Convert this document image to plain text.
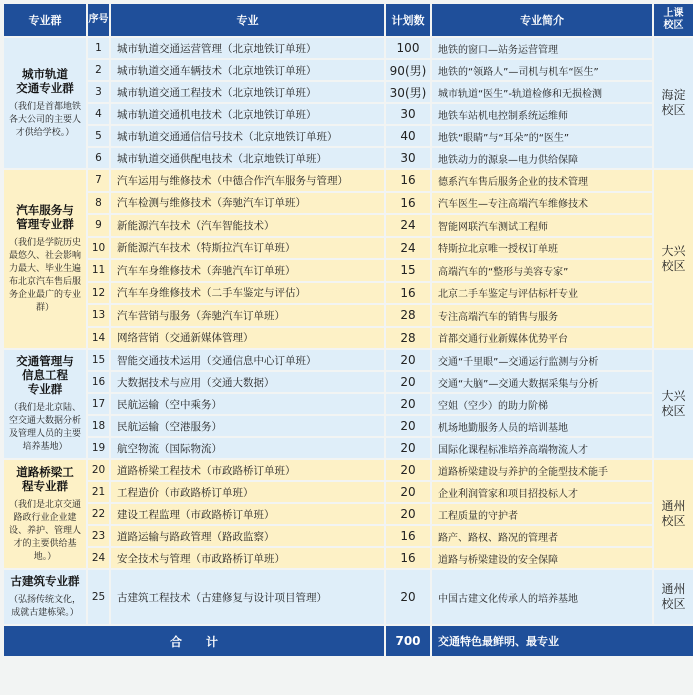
专业群	序号	专业	计划数	专业简介	上课
校区

城市轨道
交通专业群
（我们是首都地铁各大公司的主要人才供给学校。）	1	城市轨道交通运营管理（北京地铁订单班）	100	地铁的窗口—站务运营管理	海淀
校区
	2	城市轨道交通车辆技术（北京地铁订单班）	90(男)	地铁的“领路人”—司机与机车“医生”	
	3	城市轨道交通工程技术（北京地铁订单班）	30(男)	城市轨道“医生”-轨道检修和无损检测	
	4	城市轨道交通机电技术（北京地铁订单班）	30	地铁车站机电控制系统运维师	
	5	城市轨道交通通信信号技术（北京地铁订单班）	40	地铁“眼睛”与“耳朵”的“医生”	
	6	城市轨道交通供配电技术（北京地铁订单班）	30	地铁动力的源泉—电力供给保障	

汽车服务与
管理专业群
（我们是学院历史最悠久、社会影响力最大、毕业生遍布北京汽车售后服务企业最广的专业群）	7	汽车运用与维修技术（中德合作汽车服务与管理）	16	德系汽车售后服务企业的技术管理	大兴
校区
	8	汽车检测与维修技术（奔驰汽车订单班）	16	汽车医生—专注高端汽车维修技术	
	9	新能源汽车技术（汽车智能技术）	24	智能网联汽车测试工程师	
	10	新能源汽车技术（特斯拉汽车订单班）	24	特斯拉北京唯一授权订单班	
	11	汽车车身维修技术（奔驰汽车订单班）	15	高端汽车的“整形与美容专家”	
	12	汽车车身维修技术（二手车鉴定与评估）	16	北京二手车鉴定与评估标杆专业	
	13	汽车营销与服务（奔驰汽车订单班）	28	专注高端汽车的销售与服务	
	14	网络营销（交通新媒体管理）	28	首都交通行业新媒体优势平台	

交通管理与
信息工程
专业群
（我们是北京陆、空交通大数据分析及管理人员的主要培养基地）	15	智能交通技术运用（交通信息中心订单班）	20	交通“千里眼”—交通运行监测与分析	大兴
校区
	16	大数据技术与应用（交通大数据）	20	交通“大脑”—交通大数据采集与分析	
	17	民航运输（空中乘务）	20	空姐（空少）的助力阶梯	
	18	民航运输（空港服务）	20	机场地勤服务人员的培训基地	
	19	航空物流（国际物流）	20	国际化课程标准培养高端物流人才	

道路桥梁工
程专业群
（我们是北京交通路政行业企业建设、养护、管理人才的主要供给基地。）	20	道路桥梁工程技术（市政路桥订单班）	20	道路桥梁建设与养护的全能型技术能手	通州
校区
	21	工程造价（市政路桥订单班）	20	企业利润管家和项目招投标人才	
	22	建设工程监理（市政路桥订单班）	20	工程质量的守护者	
	23	道路运输与路政管理（路政监察）	16	路产、路权、路况的管理者	
	24	安全技术与管理（市政路桥订单班）	16	道路与桥梁建设的安全保障	

古建筑专业群
（弘扬传统文化，成就古建栋梁。）	25	古建筑工程技术（古建修复与设计项目管理）	20	中国古建文化传承人的培养基地	通州
校区
合　　计			700	交通特色最鲜明、最专业	
